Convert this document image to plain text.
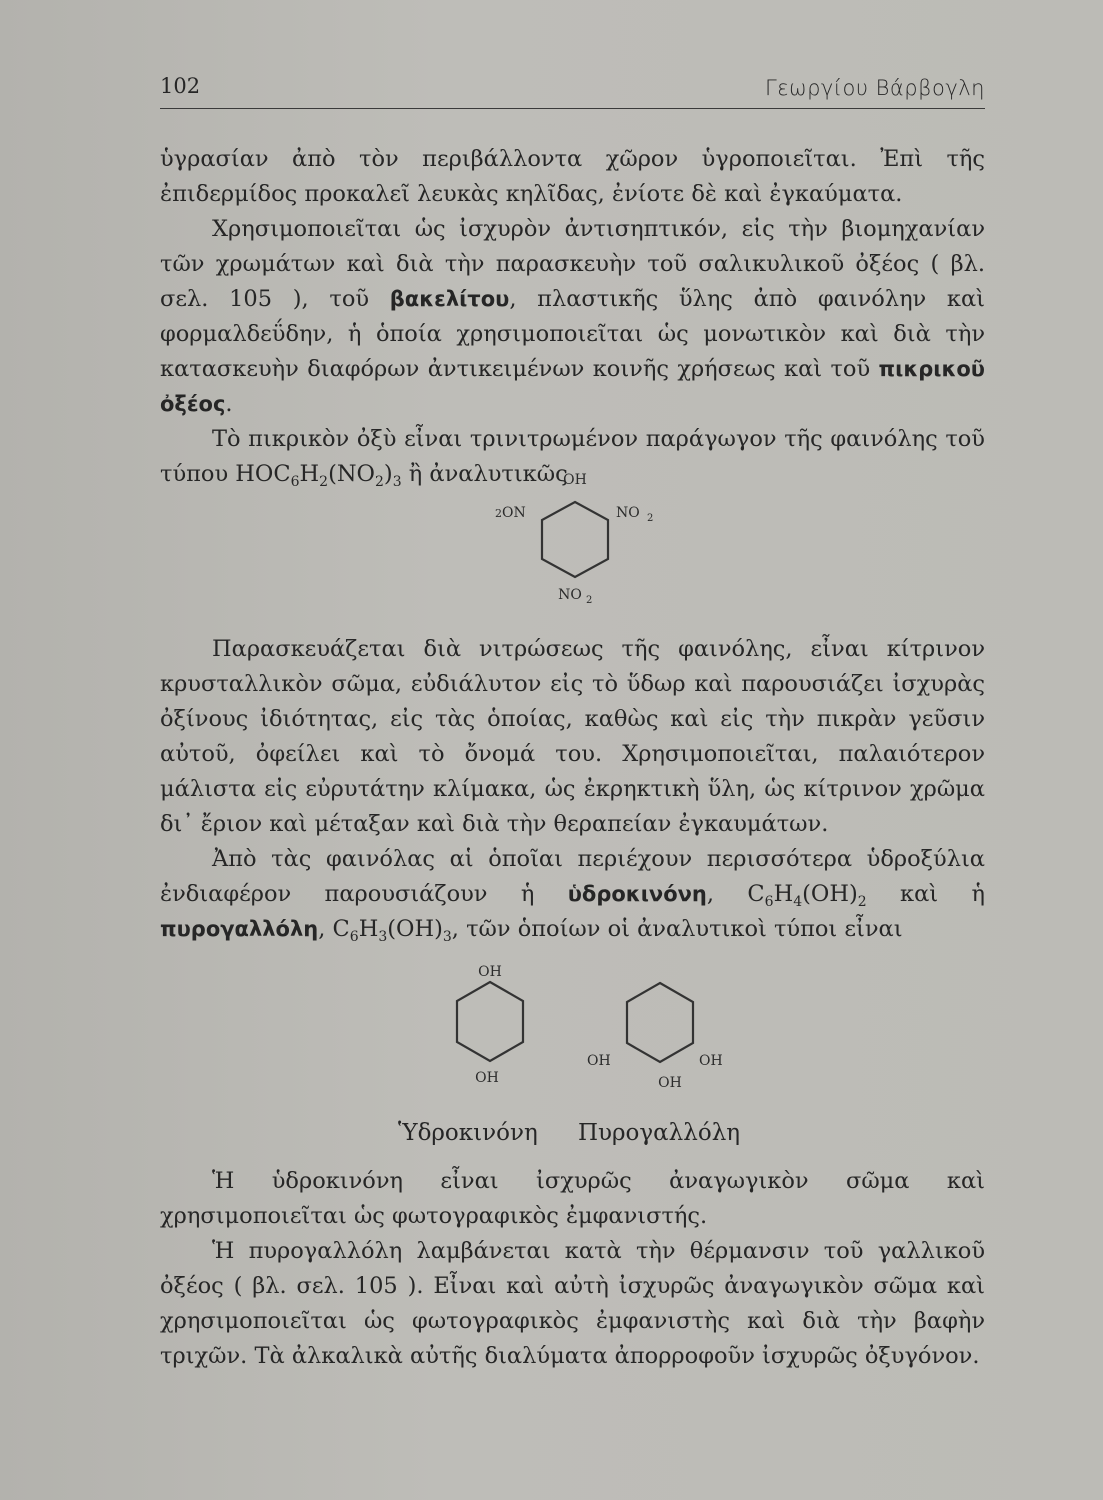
102	Γεωργίου Βάρβογλη

ὑγρασίαν ἀπὸ τὸν περιβάλλοντα χῶρον ὑγροποιεῖται. Ἐπὶ τῆς ἐπιδερμίδος προκαλεῖ λευκὰς κηλῖδας, ἐνίοτε δὲ καὶ ἐγκαύματα.

Χρησιμοποιεῖται ὡς ἰσχυρὸν ἀντισηπτικόν, εἰς τὴν βιομηχανίαν τῶν χρωμάτων καὶ διὰ τὴν παρασκευὴν τοῦ σαλικυλικοῦ ὀξέος ( βλ. σελ. 105 ), τοῦ βακελίτου, πλαστικῆς ὕλης ἀπὸ φαινόλην καὶ φορμαλδεΰδην, ἡ ὁποία χρησιμοποιεῖται ὡς μονωτικὸν καὶ διὰ τὴν κατασκευὴν διαφόρων ἀντικειμένων κοινῆς χρήσεως καὶ τοῦ πικρικοῦ ὀξέος.

Τὸ πικρικὸν ὀξὺ εἶναι τρινιτρωμένον παράγωγον τῆς φαινόλης τοῦ τύπου $HOC_6H_2(NO_2)_3$ ἢ ἀναλυτικῶς

OH
2 ON	NO 2
NO 2

Παρασκευάζεται διὰ νιτρώσεως τῆς φαινόλης, εἶναι κίτρινον κρυσταλλικὸν σῶμα, εὐδιάλυτον εἰς τὸ ὕδωρ καὶ παρουσιάζει ἰσχυρὰς ὀξίνους ἰδιότητας, εἰς τὰς ὁποίας, καθὼς καὶ εἰς τὴν πικρὰν γεῦσιν αὐτοῦ, ὀφείλει καὶ τὸ ὄνομά του. Χρησιμοποιεῖται, παλαιότερον μάλιστα εἰς εὐρυτάτην κλίμακα, ὡς ἐκρηκτικὴ ὕλη, ὡς κίτρινον χρῶμα δι᾽ ἔριον καὶ μέταξαν καὶ διὰ τὴν θεραπείαν ἐγκαυμάτων.

Ἀπὸ τὰς φαινόλας αἱ ὁποῖαι περιέχουν περισσότερα ὑδροξύλια ἐνδιαφέρον παρουσιάζουν ἡ ὑδροκινόνη, $C_6H_4(OH)_2$ καὶ ἡ πυρογαλλόλη, $C_6H_3(OH)_3$, τῶν ὁποίων οἱ ἀναλυτικοὶ τύποι εἶναι

OH
OH
OH	OH
OH
Ὑδροκινόνη Πυρογαλλόλη

Ἡ ὑδροκινόνη εἶναι ἰσχυρῶς ἀναγωγικὸν σῶμα καὶ χρησιμοποιεῖται ὡς φωτογραφικὸς ἐμφανιστής.

Ἡ πυρογαλλόλη λαμβάνεται κατὰ τὴν θέρμανσιν τοῦ γαλλικοῦ ὀξέος ( βλ. σελ. 105 ). Εἶναι καὶ αὐτὴ ἰσχυρῶς ἀναγωγικὸν σῶμα καὶ χρησιμοποιεῖται ὡς φωτογραφικὸς ἐμφανιστὴς καὶ διὰ τὴν βαφὴν τριχῶν. Τὰ ἀλκαλικὰ αὐτῆς διαλύματα ἀπορροφοῦν ἰσχυρῶς ὀξυγόνον.
